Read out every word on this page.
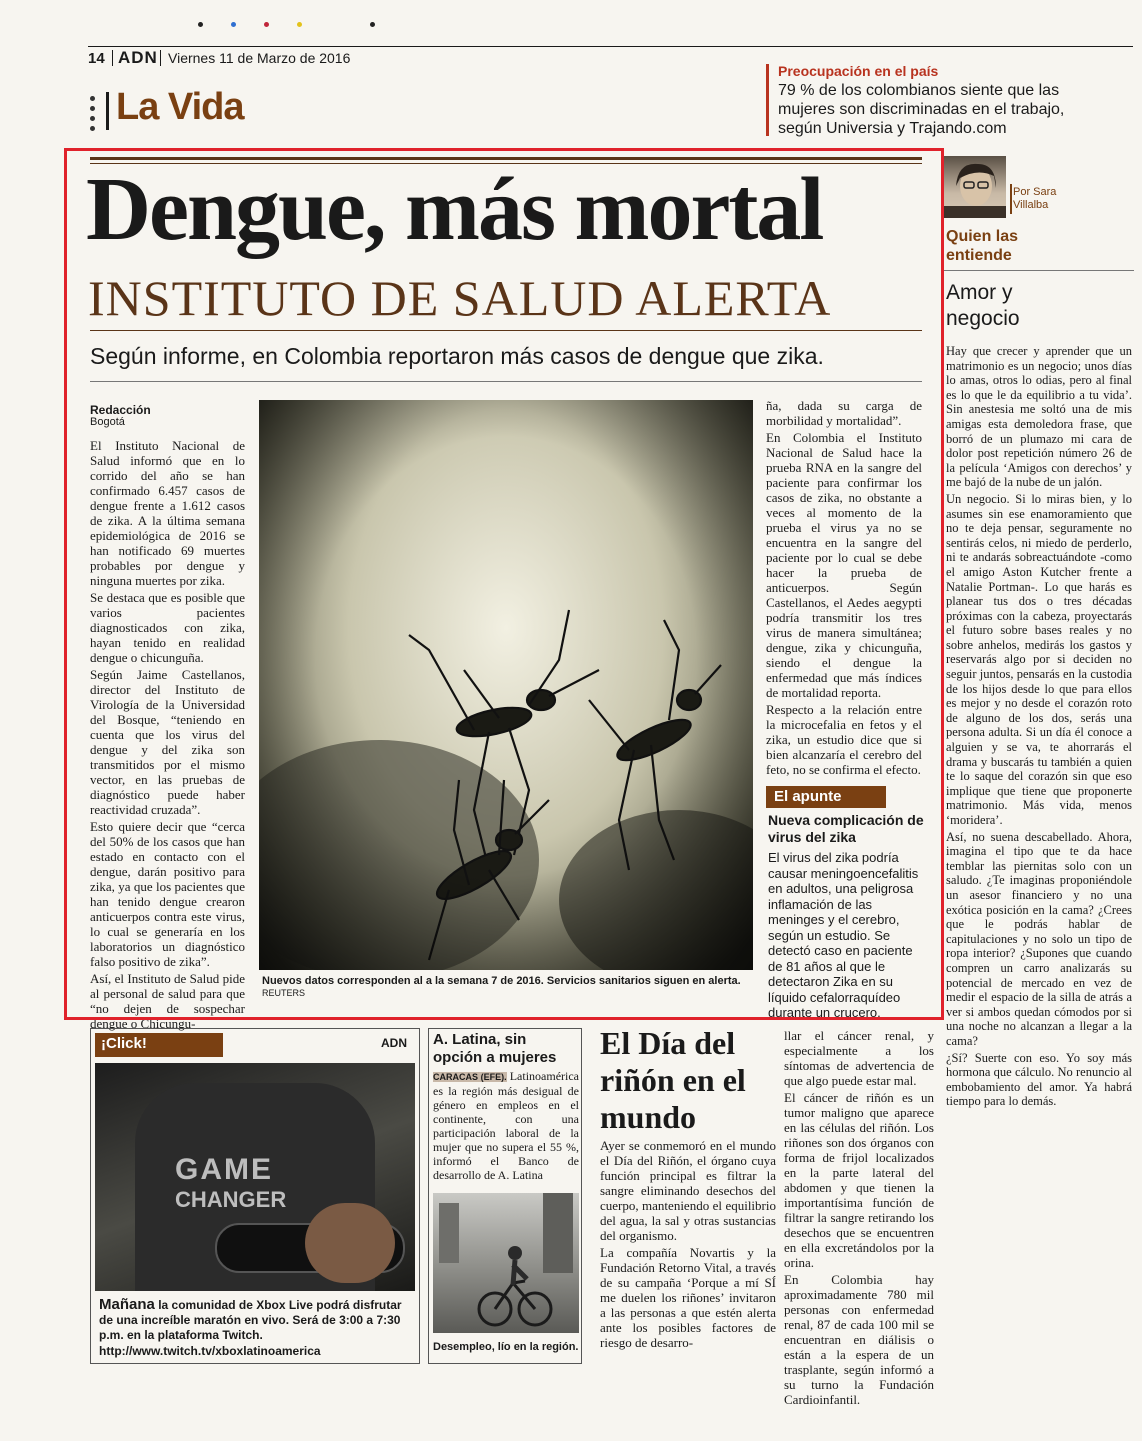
14 ADN Viernes 11 de Marzo de 2016
La Vida
Preocupación en el país
79 % de los colombianos siente que las mujeres son discriminadas en el trabajo, según Universia y Trajando.com
Dengue, más mortal
INSTITUTO DE SALUD ALERTA
Según informe, en Colombia reportaron más casos de dengue que zika.
Redacción
Bogotá

El Instituto Nacional de Salud informó que en lo corrido del año se han confirmado 6.457 casos de dengue frente a 1.612 casos de zika. A la última semana epidemiológica de 2016 se han notificado 69 muertes probables por dengue y ninguna muertes por zika.

Se destaca que es posible que varios pacientes diagnosticados con zika, hayan tenido en realidad dengue o chicunguña.

Según Jaime Castellanos, director del Instituto de Virología de la Universidad del Bosque, “teniendo en cuenta que los virus del dengue y del zika son transmitidos por el mismo vector, en las pruebas de diagnóstico puede haber reactividad cruzada”.

Esto quiere decir que “cerca del 50% de los casos que han estado en contacto con el dengue, darán positivo para zika, ya que los pacientes que han tenido dengue crearon anticuerpos contra este virus, lo cual se generaría en los laboratorios un diagnóstico falso positivo de zika”.

Así, el Instituto de Salud pide al personal de salud para que “no dejen de sospechar dengue o Chicungu-

Nuevos datos corresponden al a la semana 7 de 2016. Servicios sanitarios siguen en alerta. REUTERS

ña, dada su carga de morbilidad y mortalidad”.

En Colombia el Instituto Nacional de Salud hace la prueba RNA en la sangre del paciente para confirmar los casos de zika, no obstante a veces al momento de la prueba el virus ya no se encuentra en la sangre del paciente por lo cual se debe hacer la prueba de anticuerpos. Según Castellanos, el Aedes aegypti podría transmitir los tres virus de manera simultánea; dengue, zika y chicunguña, siendo el dengue la enfermedad que más índices de mortalidad reporta.

Respecto a la relación entre la microcefalia en fetos y el zika, un estudio dice que si bien alcanzaría el cerebro del feto, no se confirma el efecto.

El apunte
Nueva complicación de virus del zika
El virus del zika podría causar meningoencefalitis en adultos, una peligrosa inflamación de las meninges y el cerebro, según un estudio. Se detectó caso en paciente de 81 años al que le detectaron Zika en su líquido cefalorraquídeo durante un crucero.
Por Sara
Villalba
Quien las entiende
Amor y negocio

Hay que crecer y aprender que un matrimonio es un negocio; unos días lo amas, otros lo odias, pero al final es lo que le da equilibrio a tu vida’. Sin anestesia me soltó una de mis amigas esta demoledora frase, que borró de un plumazo mi cara de dolor post repetición número 26 de la película ‘Amigos con derechos’ y me bajó de la nube de un jalón.

Un negocio. Si lo miras bien, y lo asumes sin ese enamoramiento que no te deja pensar, seguramente no sentirás celos, ni miedo de perderlo, ni te andarás sobreactuándote -como el amigo Aston Kutcher frente a Natalie Portman-. Lo que harás es planear tus dos o tres décadas próximas con la cabeza, proyectarás el futuro sobre bases reales y no sobre anhelos, medirás los gastos y reservarás algo por si deciden no seguir juntos, pensarás en la custodia de los hijos desde lo que para ellos es mejor y no desde el corazón roto de alguno de los dos, serás una persona adulta. Si un día él conoce a alguien y se va, te ahorrarás el drama y buscarás tu también a quien te lo saque del corazón sin que eso implique que tiene que proponerte matrimonio. Más vida, menos ‘moridera’.

Así, no suena descabellado. Ahora, imagina el tipo que te da hace temblar las piernitas solo con un saludo. ¿Te imaginas proponiéndole un asesor financiero y no una exótica posición en la cama? ¿Crees que le podrás hablar de capitulaciones y no solo un tipo de ropa interior? ¿Supones que cuando compren un carro analizarás su potencial de mercado en vez de medir el espacio de la silla de atrás a ver si ambos quedan cómodos por si una noche no alcanzan a llegar a la cama?

¿Sí? Suerte con eso. Yo soy más hormona que cálculo. No renuncio al embobamiento del amor. Ya habrá tiempo para lo demás.

¡Click!	ADN
GAME
CHANGER
Mañana la comunidad de Xbox Live podrá disfrutar de una increíble maratón en vivo. Será de 3:00 a 7:30 p.m. en la plataforma Twitch.
http://www.twitch.tv/xboxlatinoamerica
A. Latina, sin opción a mujeres

CARACAS (EFE). Latinoamérica es la región más desigual de género en empleos en el continente, con una participación laboral de la mujer que no supera el 55 %, informó el Banco de desarrollo de A. Latina

Desempleo, lío en la región.
El Día del riñón en el mundo

Ayer se conmemoró en el mundo el Día del Riñón, el órgano cuya función principal es filtrar la sangre eliminando desechos del cuerpo, manteniendo el equilibrio del agua, la sal y otras sustancias del organismo.

La compañía Novartis y la Fundación Retorno Vital, a través de su campaña ‘Porque a mí SÍ me duelen los riñones’ invitaron a las personas a que estén alerta ante los posibles factores de riesgo de desarro-

llar el cáncer renal, y especialmente a los síntomas de advertencia de que algo puede estar mal.

El cáncer de riñón es un tumor maligno que aparece en las células del riñón. Los riñones son dos órganos con forma de frijol localizados en la parte lateral del abdomen y que tienen la importantísima función de filtrar la sangre retirando los desechos que se encuentren en ella excretándolos por la orina.

En Colombia hay aproximadamente 780 mil personas con enfermedad renal, 87 de cada 100 mil se encuentran en diálisis o están a la espera de un trasplante, según informó a su turno la Fundación Cardioinfantil.
